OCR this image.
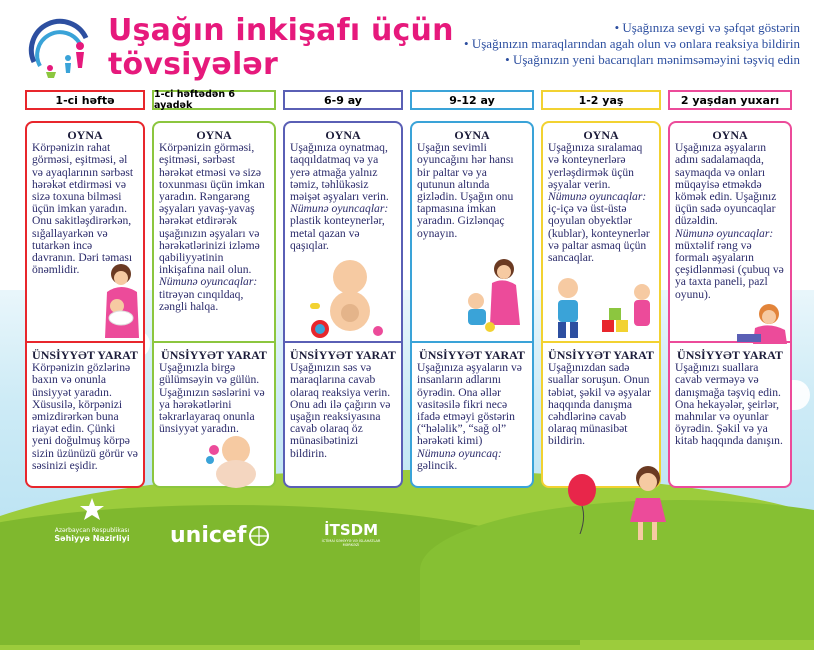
Uşağın inkişafı üçün
tövsiyələr
• Uşağınıza sevgi və şəfqət göstərin
• Uşağınızın maraqlarından agah olun və onlara reaksiya bildirin
• Uşağınızın yeni bacarıqları mənimsəməyini təşviq edin
1-ci həftə	1-ci həftədən 6 ayadək	6-9 ay	9-12 ay	1-2 yaş	2 yaşdan yuxarı
OYNA
Körpənizin rahat görməsi, eşitməsi, əl və ayaqlarının sərbəst hərəkət etdirməsi və sizə toxuna bilməsi üçün imkan yaradın. Onu sakitləşdirərkən, sığallayarkən və tutarkən incə davranın. Dəri təması önəmlidir.
ÜNSİYYƏT YARAT
Körpənizin gözlərinə baxın və onunla ünsiyyət yaradın. Xüsusilə, körpənizi əmizdirərkən buna riayət edin. Çünki yeni doğulmuş körpə sizin üzünüzü görür və səsinizi eşidir.
OYNA
Körpənizin görməsi, eşitməsi, sərbəst hərəkət etməsi və sizə toxunması üçün imkan yaradın. Rəngarəng əşyaları yavaş-yavaş hərəkət etdirərək uşağınızın əşyaları və hərəkətlərinizi izləmə qabiliyyətinin inkişafına nail olun.
Nümunə oyuncaqlar:
titrəyən cınqıldaq, zəngli halqa.
ÜNSİYYƏT YARAT
Uşağınızla birgə gülümsəyin və gülün. Uşağınızın səslərini və ya hərəkətlərini təkrarlayaraq onunla ünsiyyət yaradın.
OYNA
Uşağınıza oynatmaq, taqqıldatmaq və ya yerə atmağa yalnız təmiz, təhlükəsiz məişət əşyaları verin.
Nümunə oyuncaqlar:
plastik konteynerlər, metal qazan və qaşıqlar.
ÜNSİYYƏT YARAT
Uşağınızın səs və maraqlarına cavab olaraq reaksiya verin. Onu adı ilə çağırın və uşağın reaksiyasına cavab olaraq öz münasibətinizi bildirin.
OYNA
Uşağın sevimli oyuncağını hər hansı bir paltar və ya qutunun altında gizlədin. Uşağın onu tapmasına imkan yaradın. Gizlənqaç oynayın.
ÜNSİYYƏT YARAT
Uşağınıza əşyaların və insanların adlarını öyrədin. Ona əllər vasitəsilə fikri necə ifadə etməyi göstərin (“hələlik”, “sağ ol” hərəkəti kimi)
Nümunə oyuncaq:
gəlincik.
OYNA
Uşağınıza sıralamaq və konteynerlərə yerləşdirmək üçün əşyalar verin.
Nümunə oyuncaqlar:
iç-içə və üst-üstə qoyulan obyektlər (kublar), konteynerlər və paltar asmaq üçün sancaqlar.
ÜNSİYYƏT YARAT
Uşağınızdan sadə suallar soruşun. Onun təbiət, şəkil və əşyalar haqqında danışma cəhdlərinə cavab olaraq münasibət bildirin.
OYNA
Uşağınıza əşyaların adını sadalamaqda, saymaqda və onları müqayisə etməkdə kömək edin. Uşağınız üçün sadə oyuncaqlar düzəldin.
Nümunə oyuncaqlar:
müxtəlif rəng və formalı əşyaların çeşidlənməsi (çubuq və ya taxta paneli, pazl oyunu).
ÜNSİYYƏT YARAT
Uşağınızı suallara cavab verməyə və danışmağa təşviq edin. Ona hekayələr, şeirlər, mahnılar və oyunlar öyrədin. Şəkil və ya kitab haqqında danışın.
Azərbaycan Respublikası
Səhiyyə Nazirliyi unicef	İTSDM
İCTİMAİ SƏHİYYƏ VƏ İSLAHATLAR MƏRKƏZİ
